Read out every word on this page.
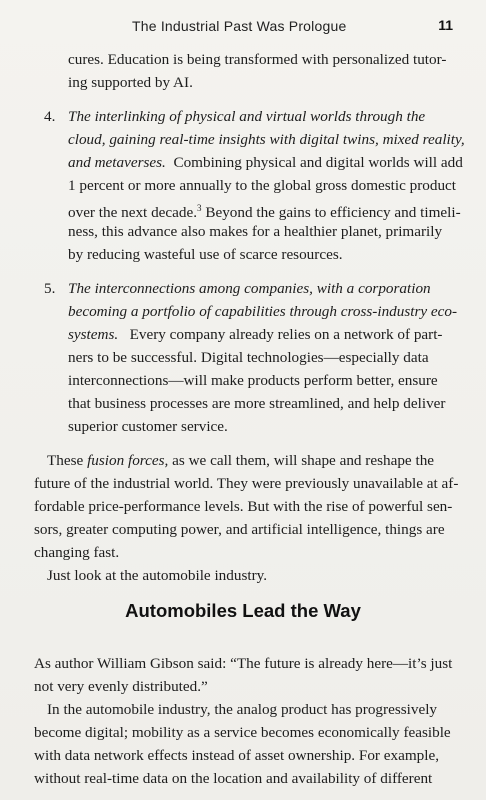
The Industrial Past Was Prologue	11
cures. Education is being transformed with personalized tutor-
ing supported by AI.
4. The interlinking of physical and virtual worlds through the
cloud, gaining real-time insights with digital twins, mixed reality,
and metaverses.  Combining physical and digital worlds will add
1 percent or more annually to the global gross domestic product
over the next decade.$^3$ Beyond the gains to efficiency and timeli-
ness, this advance also makes for a healthier planet, primarily
by reducing wasteful use of scarce resources.
5. The interconnections among companies, with a corporation
becoming a portfolio of capabilities through cross-industry eco-
systems.   Every company already relies on a network of part-
ners to be successful. Digital technologies—especially data
interconnections—will make products perform better, ensure
that business processes are more streamlined, and help deliver
superior customer service.
These fusion forces, as we call them, will shape and reshape the
future of the industrial world. They were previously unavailable at af-
fordable price-performance levels. But with the rise of powerful sen-
sors, greater computing power, and artificial intelligence, things are
changing fast.
Just look at the automobile industry.
Automobiles Lead the Way
As author William Gibson said: “The future is already here—it’s just
not very evenly distributed.”
In the automobile industry, the analog product has progressively
become digital; mobility as a service becomes economically feasible
with data network effects instead of asset ownership. For example,
without real-time data on the location and availability of different
